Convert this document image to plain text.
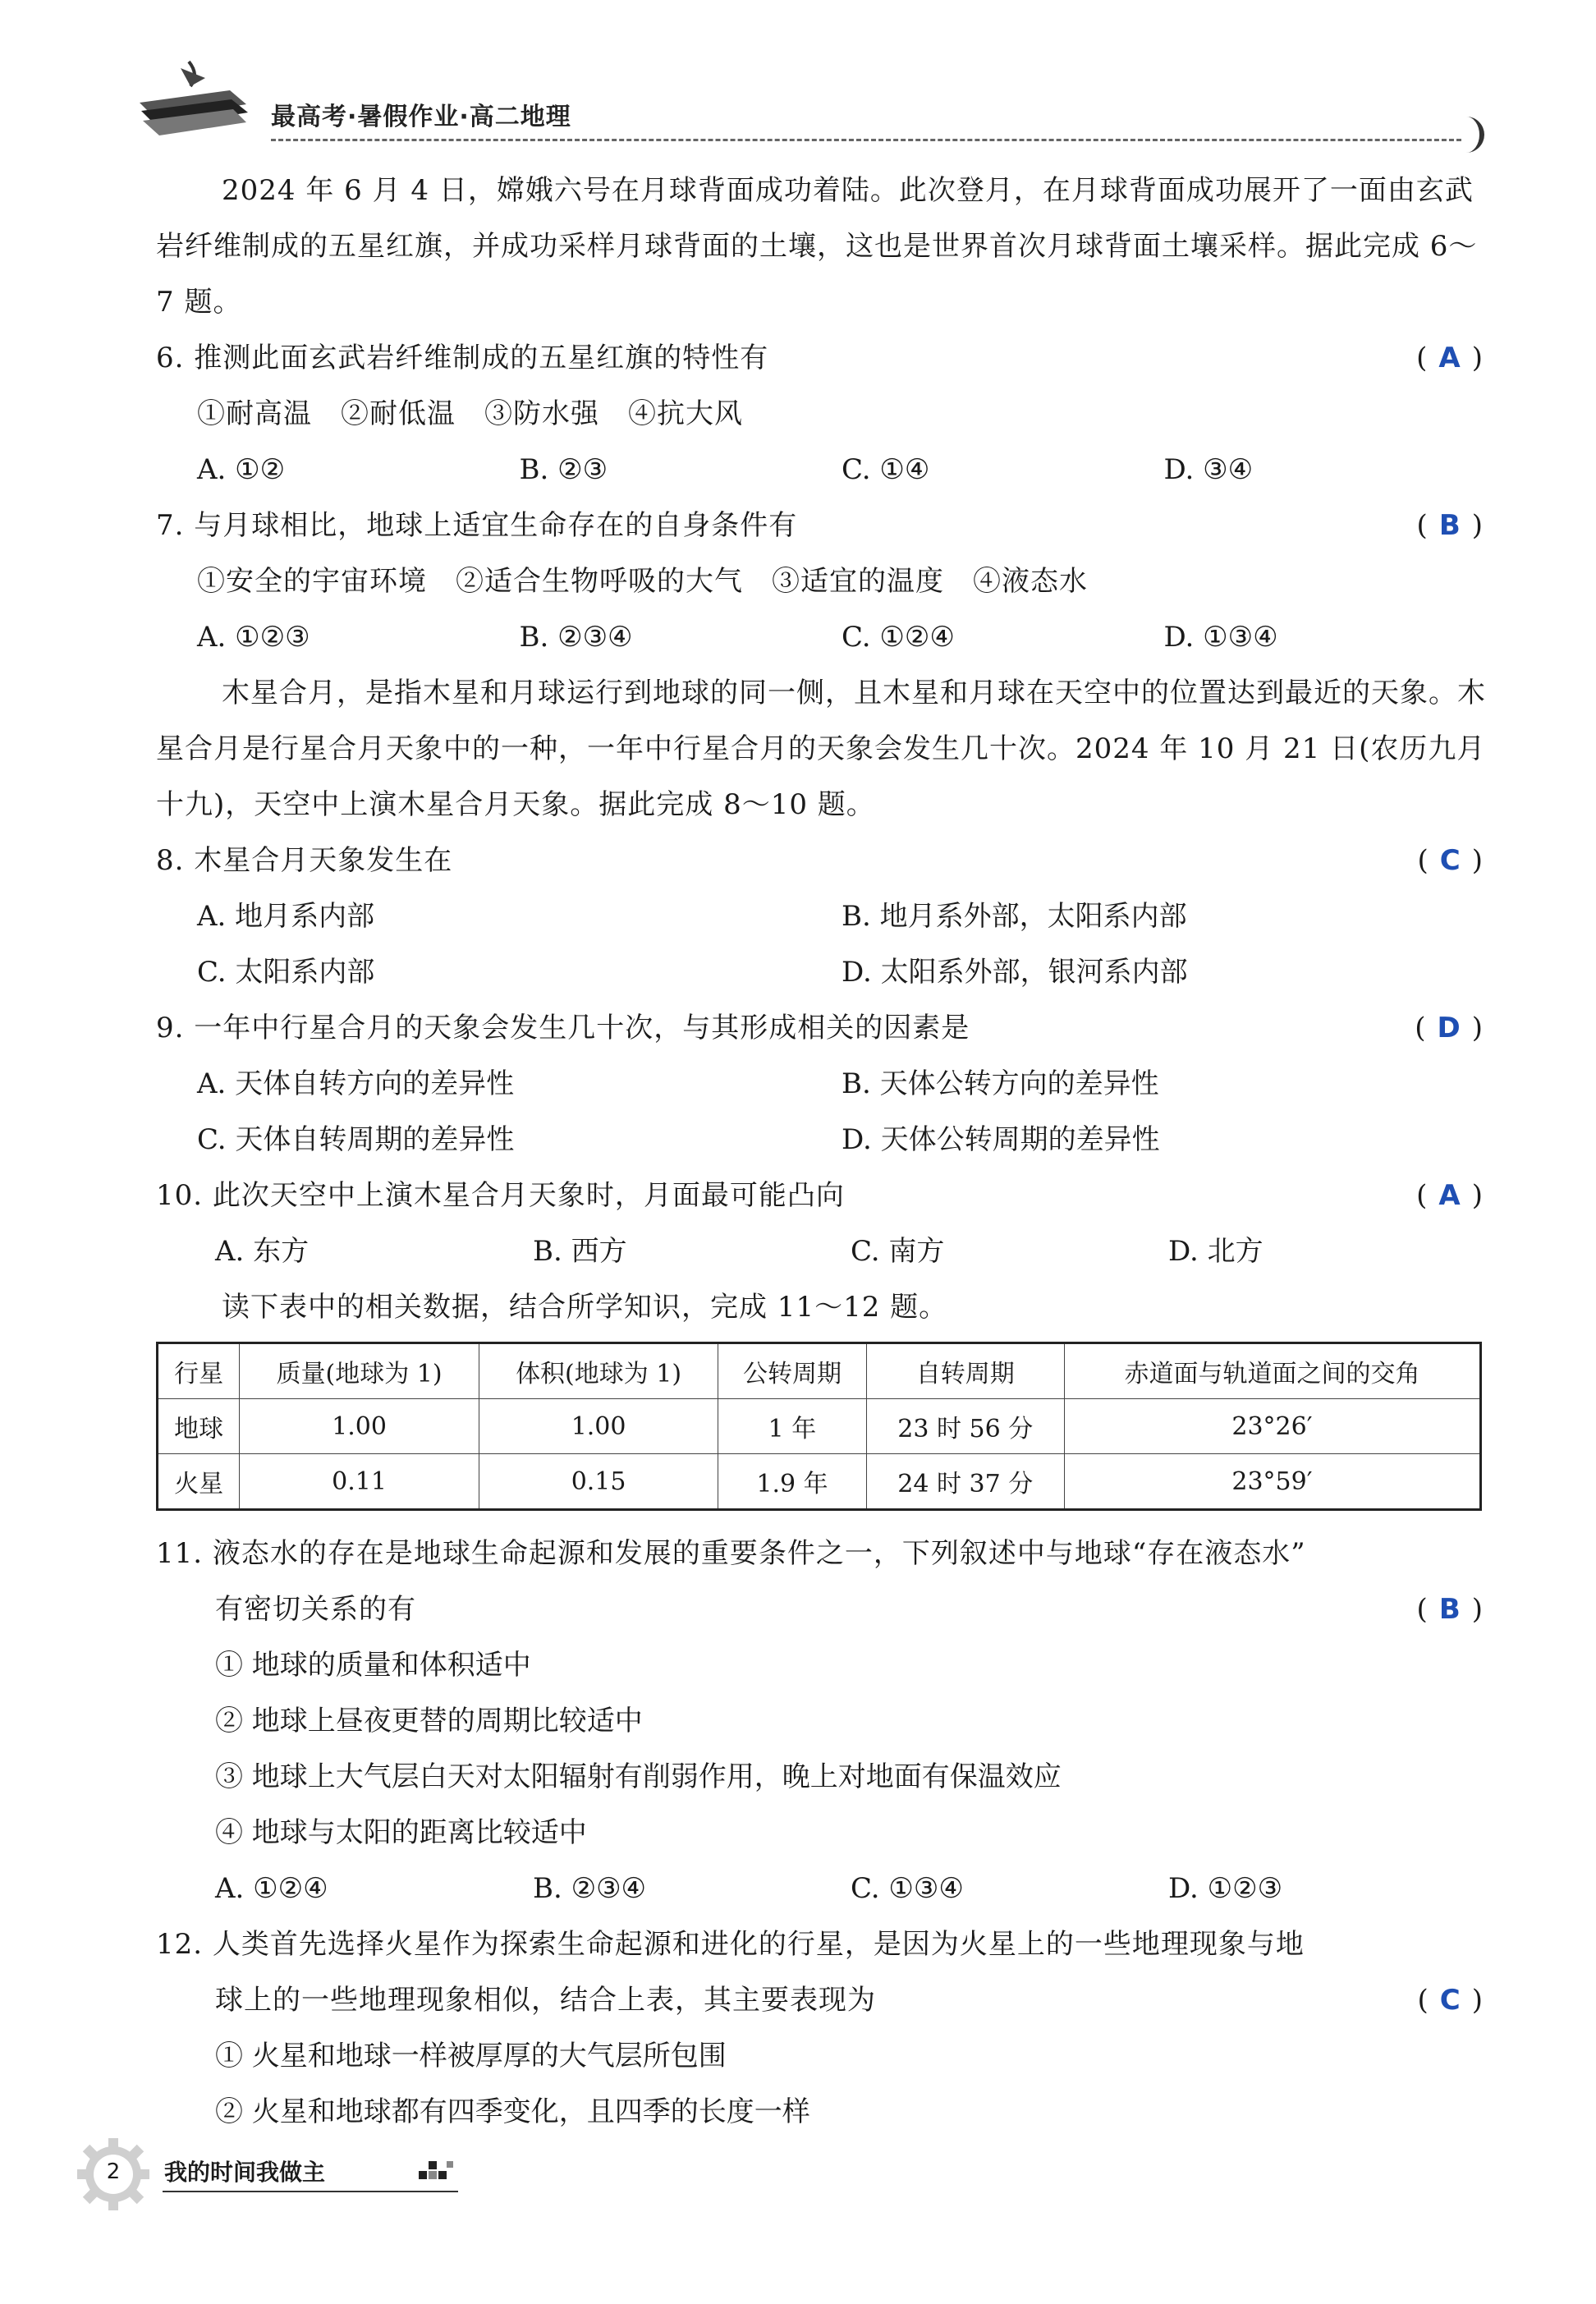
最高考·暑假作业·高二地理

2024 年 6 月 4 日，嫦娥六号在月球背面成功着陆。此次登月，在月球背面成功展开了一面由玄武岩纤维制成的五星红旗，并成功采样月球背面的土壤，这也是世界首次月球背面土壤采样。据此完成 6～7 题。

6. 推测此面玄武岩纤维制成的五星红旗的特性有	( A )
①耐高温　②耐低温　③防水强　④抗大风
A. ①②	B. ②③	C. ①④	D. ③④
7. 与月球相比，地球上适宜生命存在的自身条件有	( B )
①安全的宇宙环境　②适合生物呼吸的大气　③适宜的温度　④液态水
A. ①②③	B. ②③④	C. ①②④	D. ①③④

木星合月，是指木星和月球运行到地球的同一侧，且木星和月球在天空中的位置达到最近的天象。木星合月是行星合月天象中的一种，一年中行星合月的天象会发生几十次。2024 年 10 月 21 日(农历九月十九)，天空中上演木星合月天象。据此完成 8～10 题。

8. 木星合月天象发生在	( C )
A. 地月系内部	B. 地月系外部，太阳系内部
C. 太阳系内部	D. 太阳系外部，银河系内部
9. 一年中行星合月的天象会发生几十次，与其形成相关的因素是	( D )
A. 天体自转方向的差异性	B. 天体公转方向的差异性
C. 天体自转周期的差异性	D. 天体公转周期的差异性
10. 此次天空中上演木星合月天象时，月面最可能凸向	( A )
A. 东方	B. 西方	C. 南方	D. 北方

读下表中的相关数据，结合所学知识，完成 11～12 题。

行星	质量(地球为 1)	体积(地球为 1)	公转周期	自转周期	赤道面与轨道面之间的交角
地球	1.00	1.00	1 年	23 时 56 分	23°26′
火星	0.11	0.15	1.9 年	24 时 37 分	23°59′
11. 液态水的存在是地球生命起源和发展的重要条件之一，下列叙述中与地球“存在液态水”
有密切关系的有	( B )
① 地球的质量和体积适中
② 地球上昼夜更替的周期比较适中
③ 地球上大气层白天对太阳辐射有削弱作用，晚上对地面有保温效应
④ 地球与太阳的距离比较适中
A. ①②④	B. ②③④	C. ①③④	D. ①②③
12. 人类首先选择火星作为探索生命起源和进化的行星，是因为火星上的一些地理现象与地
球上的一些地理现象相似，结合上表，其主要表现为	( C )
① 火星和地球一样被厚厚的大气层所包围
② 火星和地球都有四季变化，且四季的长度一样
2	我的时间我做主
